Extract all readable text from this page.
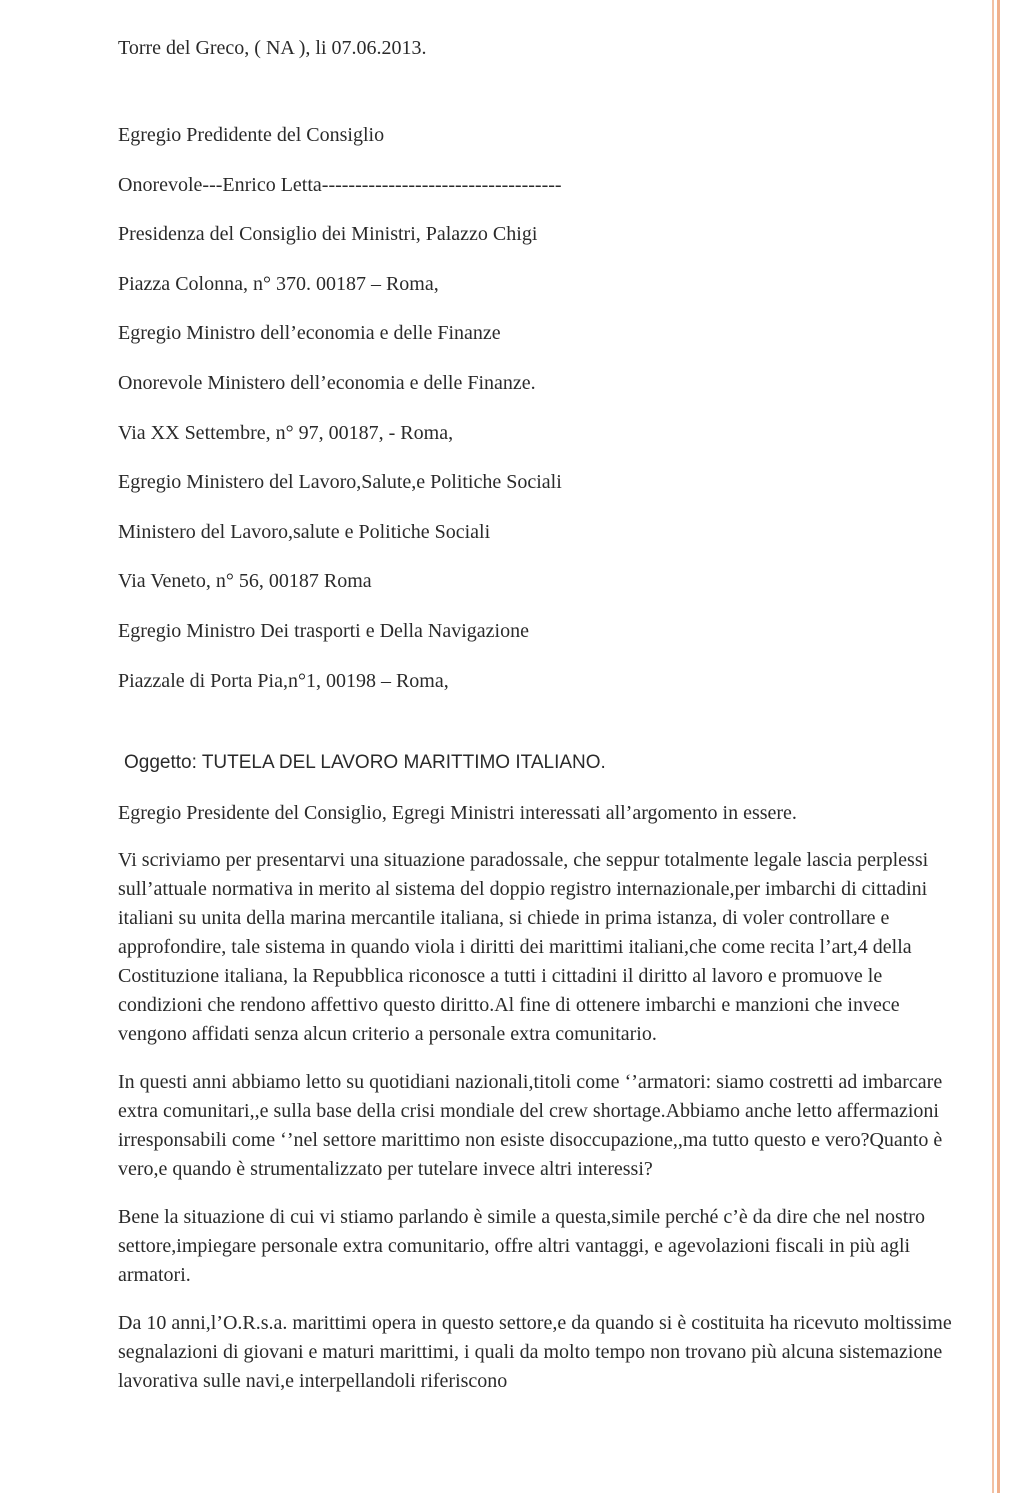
Torre del Greco, ( NA ), li 07.06.2013.

Egregio Predidente del Consiglio

Onorevole---Enrico Letta------------------------------------

Presidenza del Consiglio dei Ministri, Palazzo Chigi

Piazza Colonna, n° 370. 00187 – Roma,

Egregio Ministro dell’economia e delle Finanze

Onorevole Ministero dell’economia e delle Finanze.

Via XX Settembre, n° 97, 00187, - Roma,

Egregio Ministero del Lavoro,Salute,e Politiche Sociali

Ministero del Lavoro,salute e Politiche Sociali

Via Veneto, n° 56, 00187 Roma

Egregio Ministro Dei trasporti e Della Navigazione

Piazzale di Porta Pia,n°1, 00198 – Roma,

Oggetto: TUTELA DEL LAVORO MARITTIMO ITALIANO.

Egregio Presidente del Consiglio, Egregi Ministri interessati all’argomento in essere.

Vi scriviamo per presentarvi una situazione paradossale, che seppur totalmente legale lascia perplessi sull’attuale normativa in merito al sistema del doppio registro internazionale,per imbarchi di cittadini italiani su unita della marina mercantile italiana, si chiede in prima istanza, di voler controllare e approfondire, tale sistema in quando viola i diritti dei marittimi italiani,che come recita l’art,4 della Costituzione italiana, la Repubblica riconosce a tutti i cittadini il diritto al lavoro e promuove le condizioni che rendono affettivo questo diritto.Al fine di ottenere imbarchi e manzioni che invece vengono affidati senza alcun criterio a personale extra comunitario.

In questi anni abbiamo letto su quotidiani nazionali,titoli come ‘’armatori: siamo costretti ad imbarcare extra comunitari,,e sulla base della crisi mondiale del crew shortage.Abbiamo anche letto affermazioni irresponsabili come ‘’nel settore marittimo non esiste disoccupazione,,ma tutto questo e vero?Quanto è vero,e quando è strumentalizzato per tutelare invece altri interessi?

Bene la situazione di cui vi stiamo parlando è simile a questa,simile perché c’è da dire che nel nostro settore,impiegare personale extra comunitario, offre altri vantaggi, e agevolazioni fiscali in più agli armatori.

Da 10 anni,l’O.R.s.a. marittimi opera in questo settore,e da quando si è costituita ha ricevuto moltissime segnalazioni di giovani e maturi marittimi, i quali da molto tempo non trovano più alcuna sistemazione lavorativa sulle navi,e interpellandoli riferiscono
